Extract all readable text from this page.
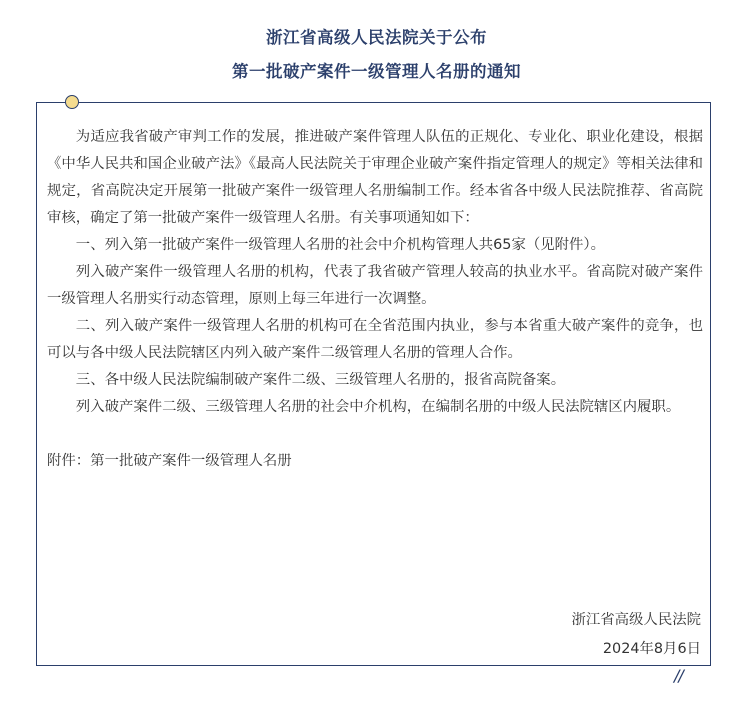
浙江省高级人民法院关于公布
第一批破产案件一级管理人名册的通知

为适应我省破产审判工作的发展，推进破产案件管理人队伍的正规化、专业化、职业化建设，根据《中华人民共和国企业破产法》《最高人民法院关于审理企业破产案件指定管理人的规定》等相关法律和规定，省高院决定开展第一批破产案件一级管理人名册编制工作。经本省各中级人民法院推荐、省高院审核，确定了第一批破产案件一级管理人名册。有关事项通知如下：

一、列入第一批破产案件一级管理人名册的社会中介机构管理人共65家（见附件）。

列入破产案件一级管理人名册的机构，代表了我省破产管理人较高的执业水平。省高院对破产案件一级管理人名册实行动态管理，原则上每三年进行一次调整。

二、列入破产案件一级管理人名册的机构可在全省范围内执业，参与本省重大破产案件的竞争，也可以与各中级人民法院辖区内列入破产案件二级管理人名册的管理人合作。

三、各中级人民法院编制破产案件二级、三级管理人名册的，报省高院备案。

列入破产案件二级、三级管理人名册的社会中介机构，在编制名册的中级人民法院辖区内履职。

附件：第一批破产案件一级管理人名册

浙江省高级人民法院
2024年8月6日
//
